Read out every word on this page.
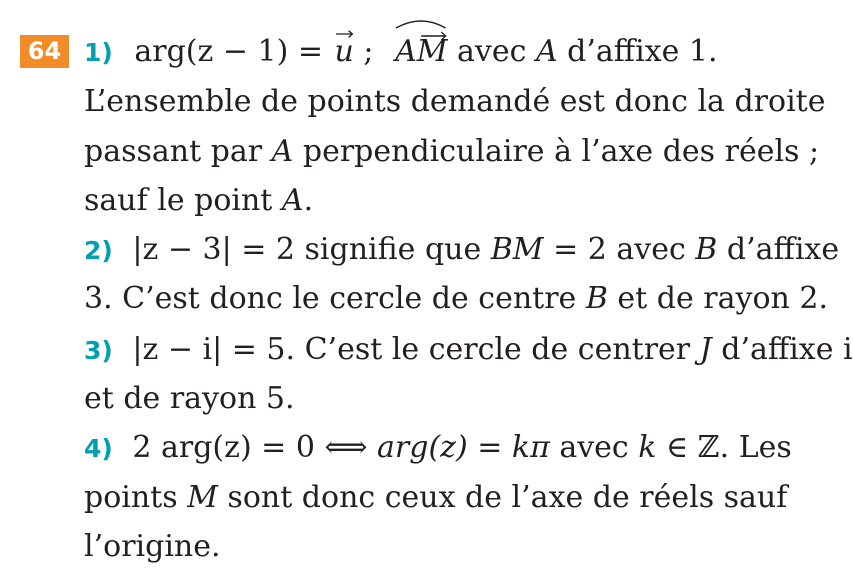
64 1) arg(z − 1) = u
; AM
avec A d’affixe 1.
L’ensemble de points demandé est donc la droite
passant par A perpendiculaire à l’axe des réels ;
sauf le point A.
2) |z − 3| = 2 signifie que BM = 2 avec B d’affixe
3. C’est donc le cercle de centre B et de rayon 2.
3) |z − i| = 5. C’est le cercle de centrer J d’affixe i
et de rayon 5.
4) 2 arg(z) = 0 ⟺ arg(z) = kπ avec k ∈ ℤ. Les
points M sont donc ceux de l’axe de réels sauf
l’origine.
